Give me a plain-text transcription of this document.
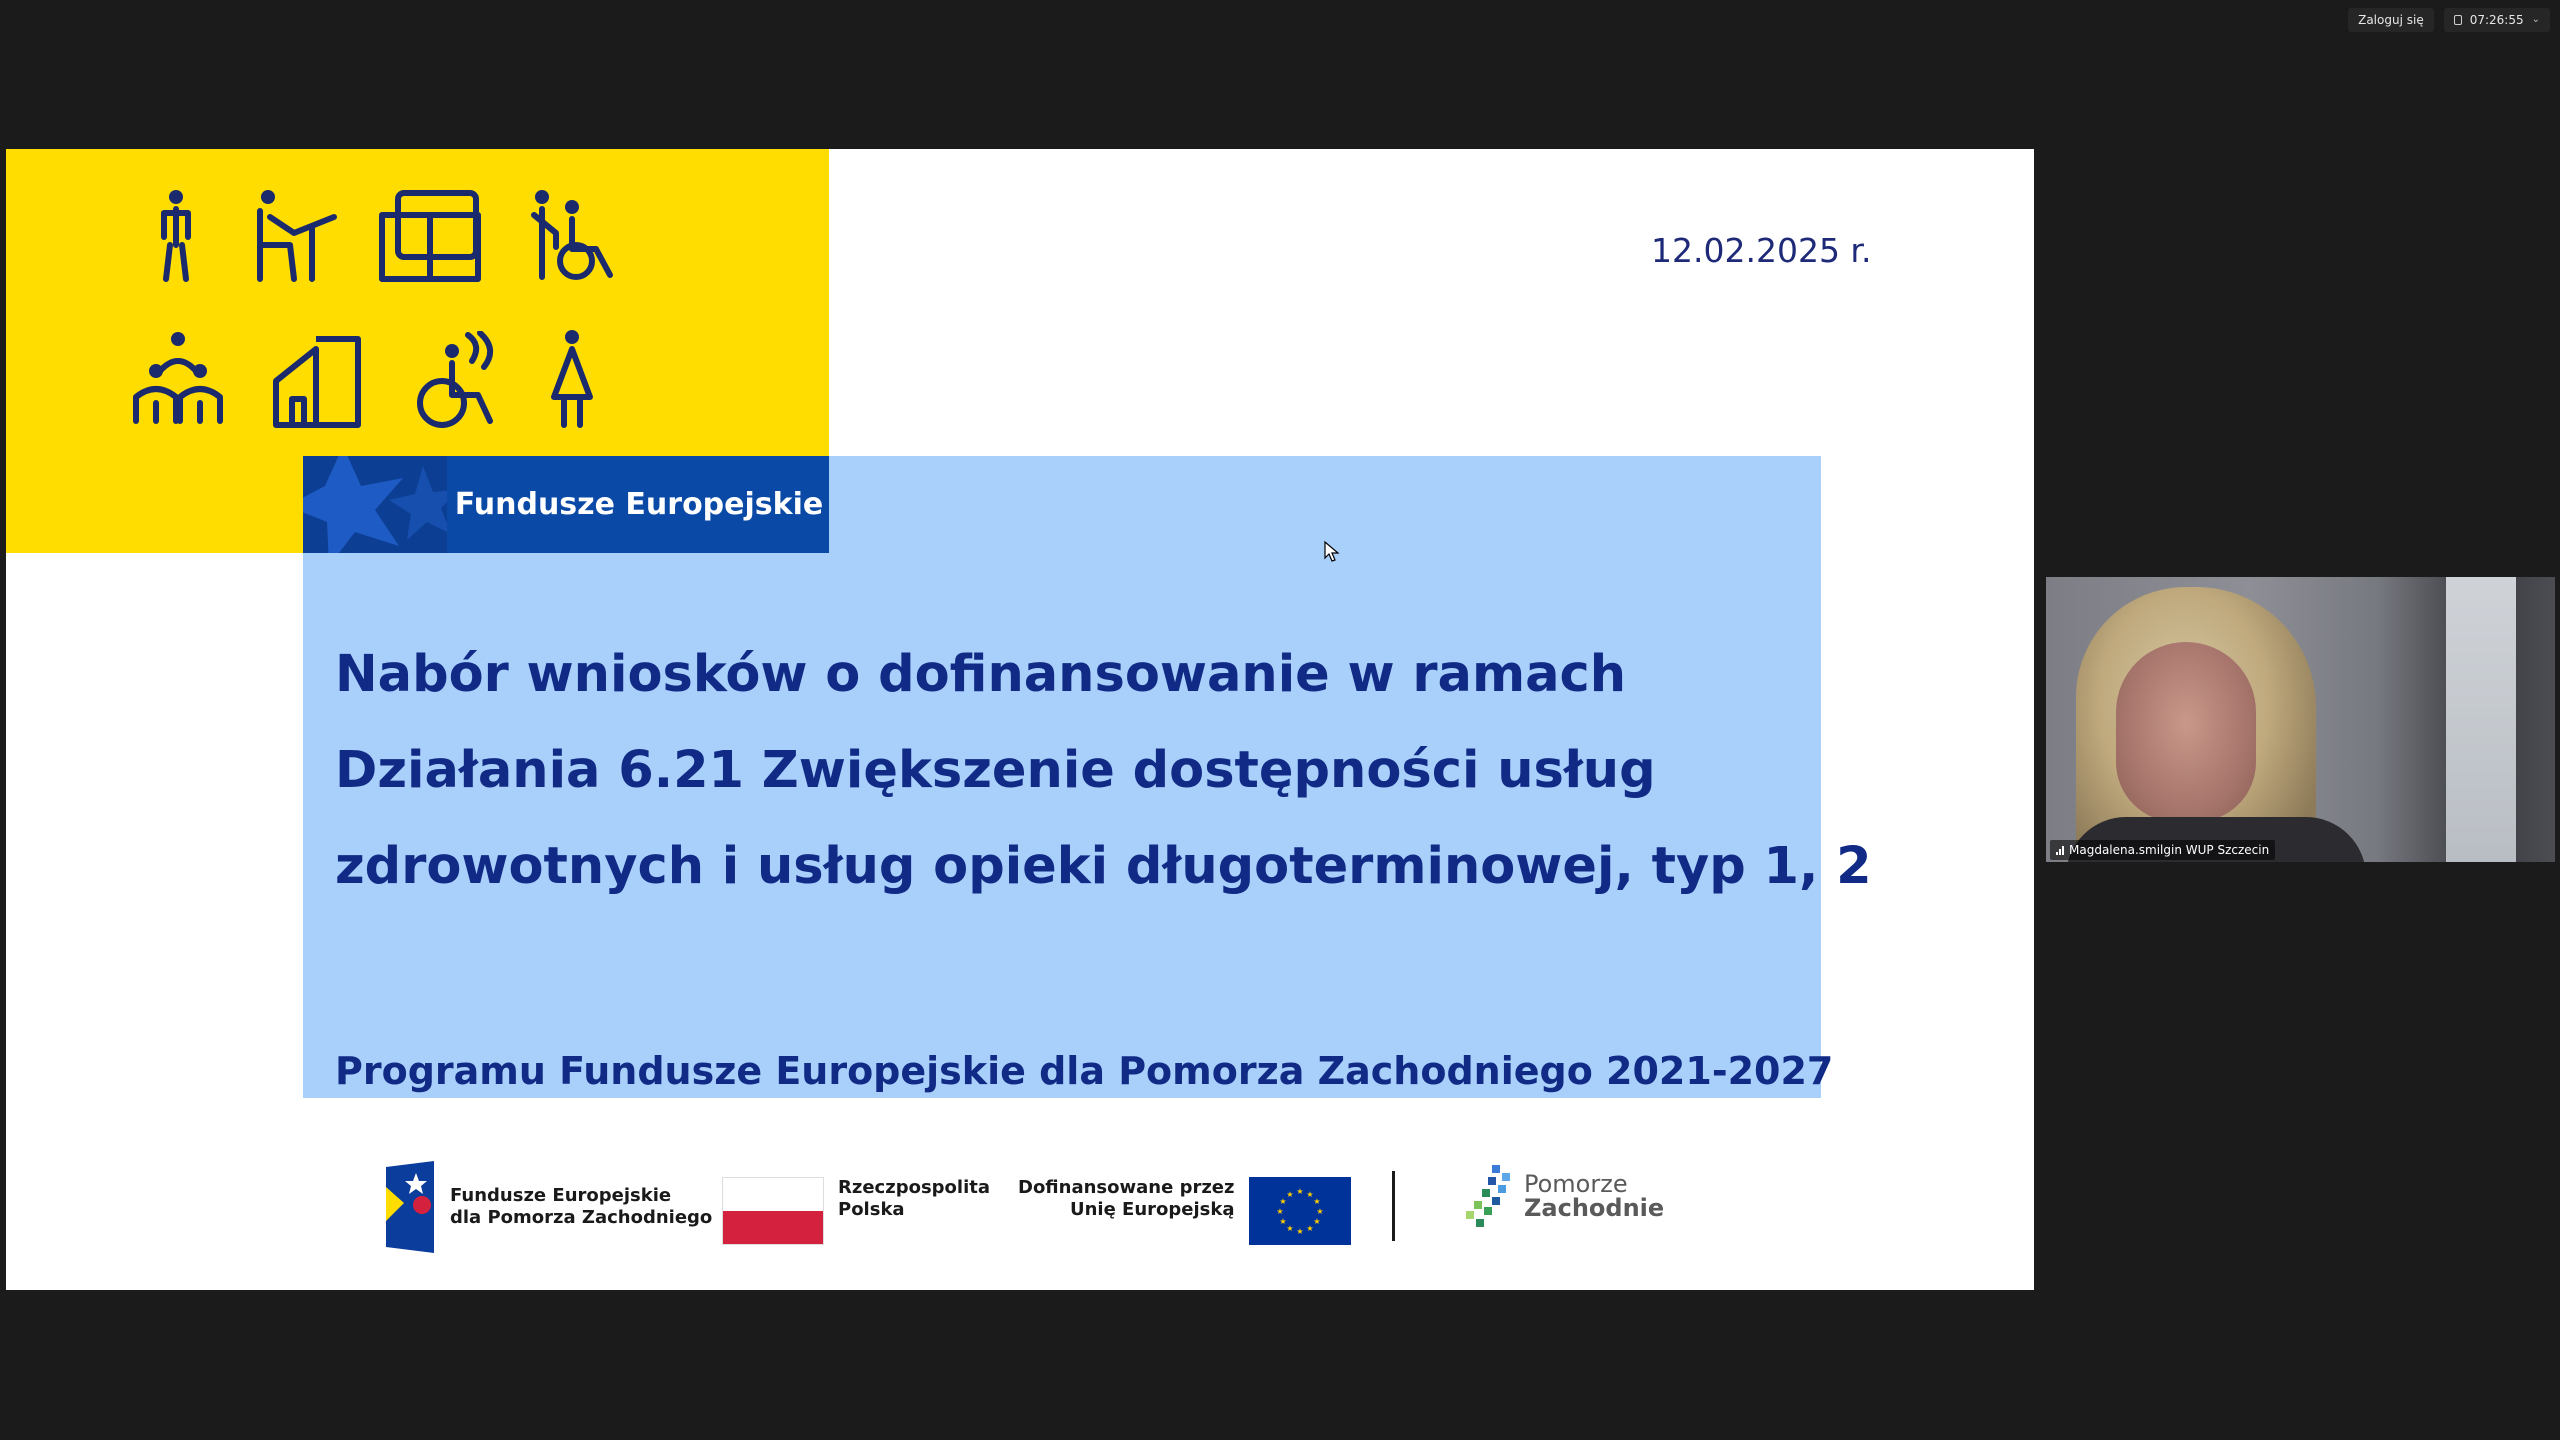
Zaloguj się	07:26:55 ⌄
12.02.2025 r.
Fundusze Europejskie
Nabór wniosków o dofinansowanie w ramach
Działania 6.21 Zwiększenie dostępności usług
zdrowotnych i usług opieki długoterminowej, typ 1, 2

Programu Fundusze Europejskie dla Pomorza Zachodniego 2021-2027

Fundusze Europejskie
dla Pomorza Zachodniego
Rzeczpospolita
Polska
Dofinansowane przez
Unię Europejską
★ ★
★
★
★
★
★
★
★
★
★
★	Pomorze
Zachodnie
Magdalena.smilgin WUP Szczecin
